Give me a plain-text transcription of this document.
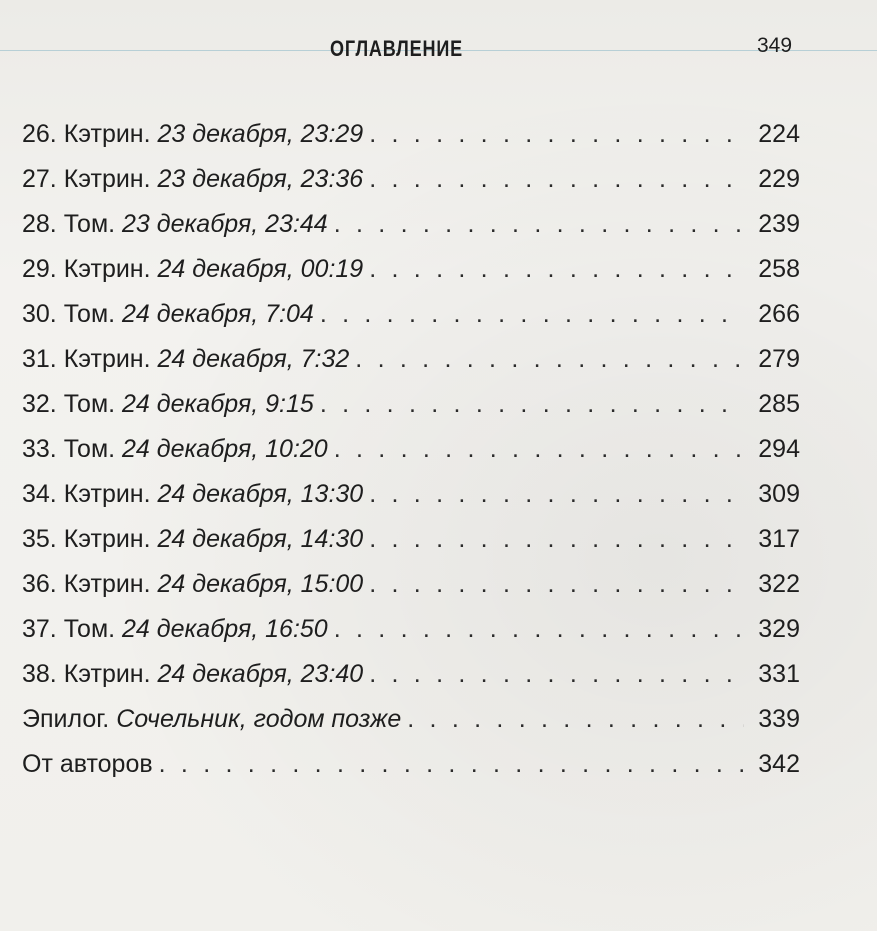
ОГЛАВЛЕНИЕ	349
26.
Кэтрин.
23 декабря, 23:29 . . .	224
27.
Кэтрин.
23 декабря, 23:36 . . .	229
28.
Том.
23 декабря, 23:44 . . .	239
29.
Кэтрин.
24 декабря, 00:19 . . .	258
30.
Том.
24 декабря, 7:04 . . .	266
31.
Кэтрин.
24 декабря, 7:32 . . .	279
32.
Том.
24 декабря, 9:15 . . .	285
33.
Том.
24 декабря, 10:20 . . .	294
34.
Кэтрин.
24 декабря, 13:30 . . .	309
35.
Кэтрин.
24 декабря, 14:30 . . .	317
36.
Кэтрин.
24 декабря, 15:00 . . .	322
37.
Том.
24 декабря, 16:50 . . .	329
38.
Кэтрин.
24 декабря, 23:40 . . .	331
Эпилог.
Сочельник, годом позже . . .	339
От авторов . . .	342
